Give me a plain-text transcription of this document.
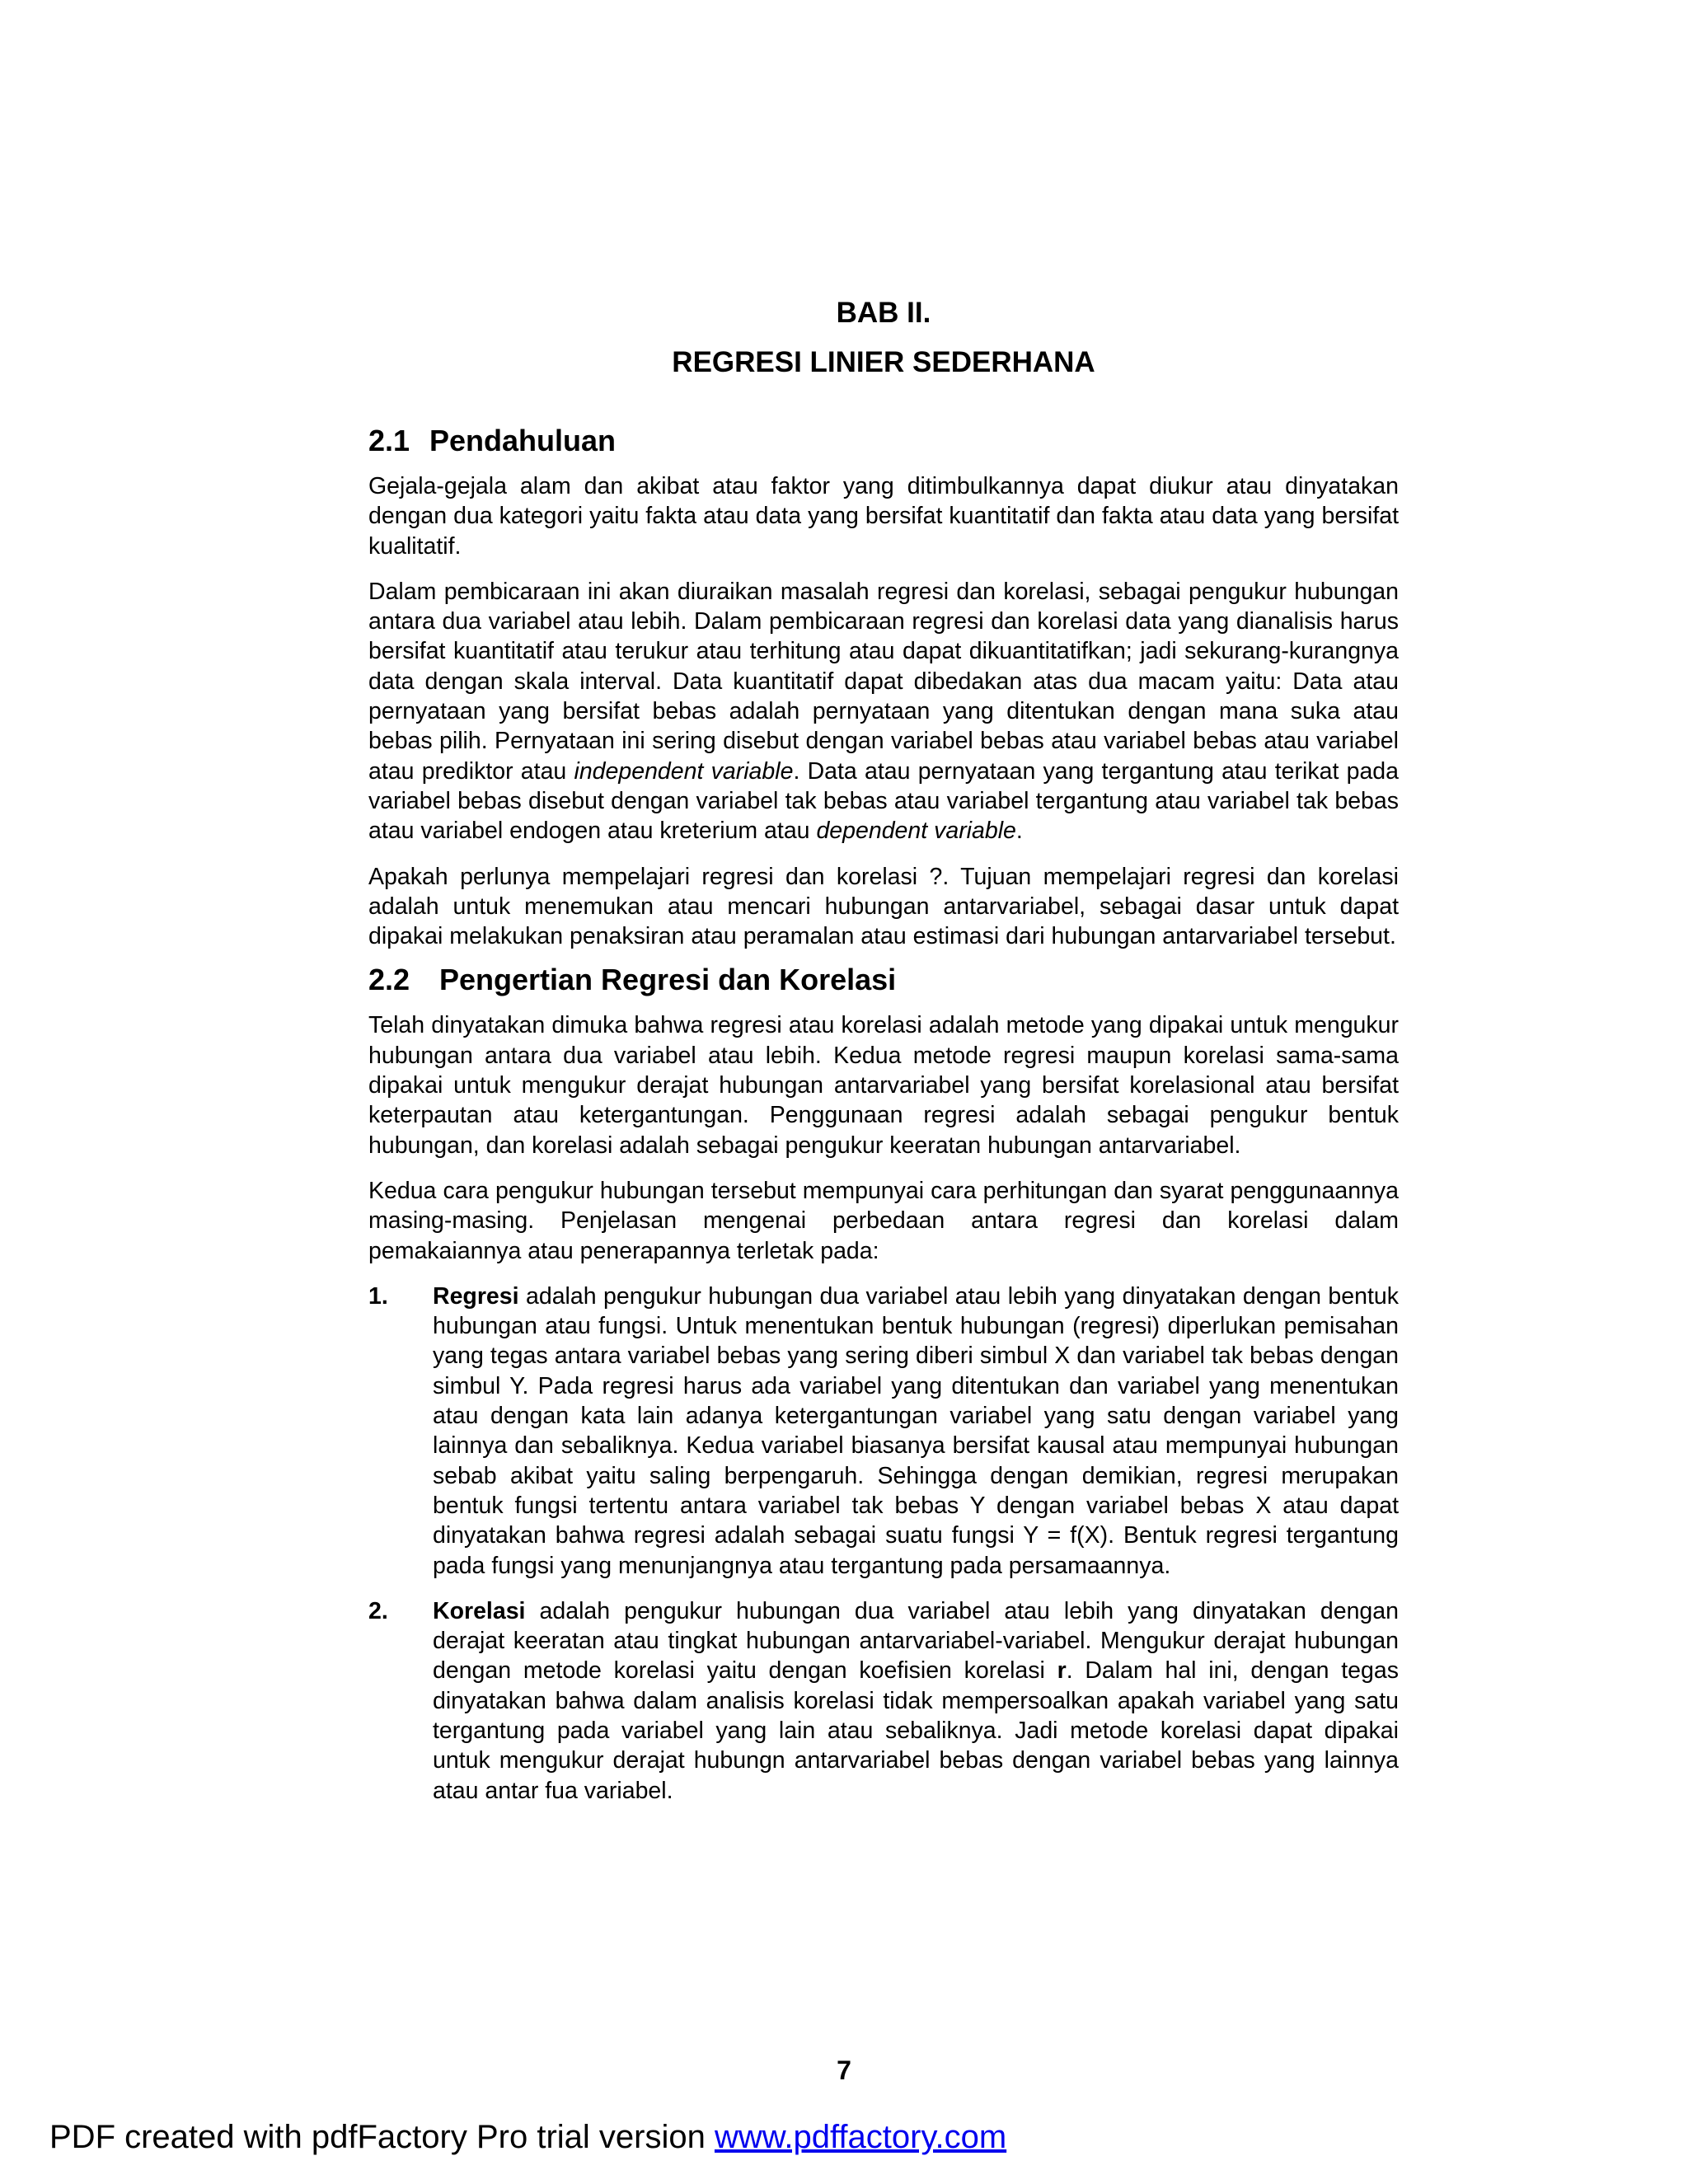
BAB II.
REGRESI LINIER SEDERHANA
2.1 Pendahuluan

Gejala-gejala alam dan akibat atau faktor yang ditimbulkannya dapat diukur atau dinyatakan dengan dua kategori yaitu fakta atau data yang bersifat kuantitatif dan fakta atau data yang bersifat kualitatif.

Dalam pembicaraan ini akan diuraikan masalah regresi dan korelasi, sebagai pengukur hubungan antara dua variabel atau lebih. Dalam pembicaraan regresi dan korelasi data yang dianalisis harus bersifat kuantitatif atau terukur atau terhitung atau dapat dikuantitatifkan; jadi sekurang-kurangnya data dengan skala interval. Data kuantitatif dapat dibedakan atas dua macam yaitu: Data atau pernyataan yang bersifat bebas adalah pernyataan yang ditentukan dengan mana suka atau bebas pilih. Pernyataan ini sering disebut dengan variabel bebas atau variabel bebas atau variabel atau prediktor atau independent variable. Data atau pernyataan yang tergantung atau terikat pada variabel bebas disebut dengan variabel tak bebas atau variabel tergantung atau variabel tak bebas atau variabel endogen atau kreterium atau dependent variable.

Apakah perlunya mempelajari regresi dan korelasi ?. Tujuan mempelajari regresi dan korelasi adalah untuk menemukan atau mencari hubungan antarvariabel, sebagai dasar untuk dapat dipakai melakukan penaksiran atau peramalan atau estimasi dari hubungan antarvariabel tersebut.

2.2 Pengertian Regresi dan Korelasi

Telah dinyatakan dimuka bahwa regresi atau korelasi adalah metode yang dipakai untuk mengukur hubungan antara dua variabel atau lebih. Kedua metode regresi maupun korelasi sama-sama dipakai untuk mengukur derajat hubungan antarvariabel yang bersifat korelasional atau bersifat keterpautan atau ketergantungan. Penggunaan regresi adalah sebagai pengukur bentuk hubungan, dan korelasi adalah sebagai pengukur keeratan hubungan antarvariabel.

Kedua cara pengukur hubungan tersebut mempunyai cara perhitungan dan syarat penggunaannya masing-masing. Penjelasan mengenai perbedaan antara regresi dan korelasi dalam pemakaiannya atau penerapannya terletak pada:

1. Regresi adalah pengukur hubungan dua variabel atau lebih yang dinyatakan dengan bentuk hubungan atau fungsi. Untuk menentukan bentuk hubungan (regresi) diperlukan pemisahan yang tegas antara variabel bebas yang sering diberi simbul X dan variabel tak bebas dengan simbul Y. Pada regresi harus ada variabel yang ditentukan dan variabel yang menentukan atau dengan kata lain adanya ketergantungan variabel yang satu dengan variabel yang lainnya dan sebaliknya. Kedua variabel biasanya bersifat kausal atau mempunyai hubungan sebab akibat yaitu saling berpengaruh. Sehingga dengan demikian, regresi merupakan bentuk fungsi tertentu antara variabel tak bebas Y dengan variabel bebas X atau dapat dinyatakan bahwa regresi adalah sebagai suatu fungsi Y = f(X). Bentuk regresi tergantung pada fungsi yang menunjangnya atau tergantung pada persamaannya.
2. Korelasi adalah pengukur hubungan dua variabel atau lebih yang dinyatakan dengan derajat keeratan atau tingkat hubungan antarvariabel-variabel. Mengukur derajat hubungan dengan metode korelasi yaitu dengan koefisien korelasi r. Dalam hal ini, dengan tegas dinyatakan bahwa dalam analisis korelasi tidak mempersoalkan apakah variabel yang satu tergantung pada variabel yang lain atau sebaliknya. Jadi metode korelasi dapat dipakai untuk mengukur derajat hubungn antarvariabel bebas dengan variabel bebas yang lainnya atau antar fua variabel.
7
PDF created with pdfFactory Pro trial version www.pdffactory.com
